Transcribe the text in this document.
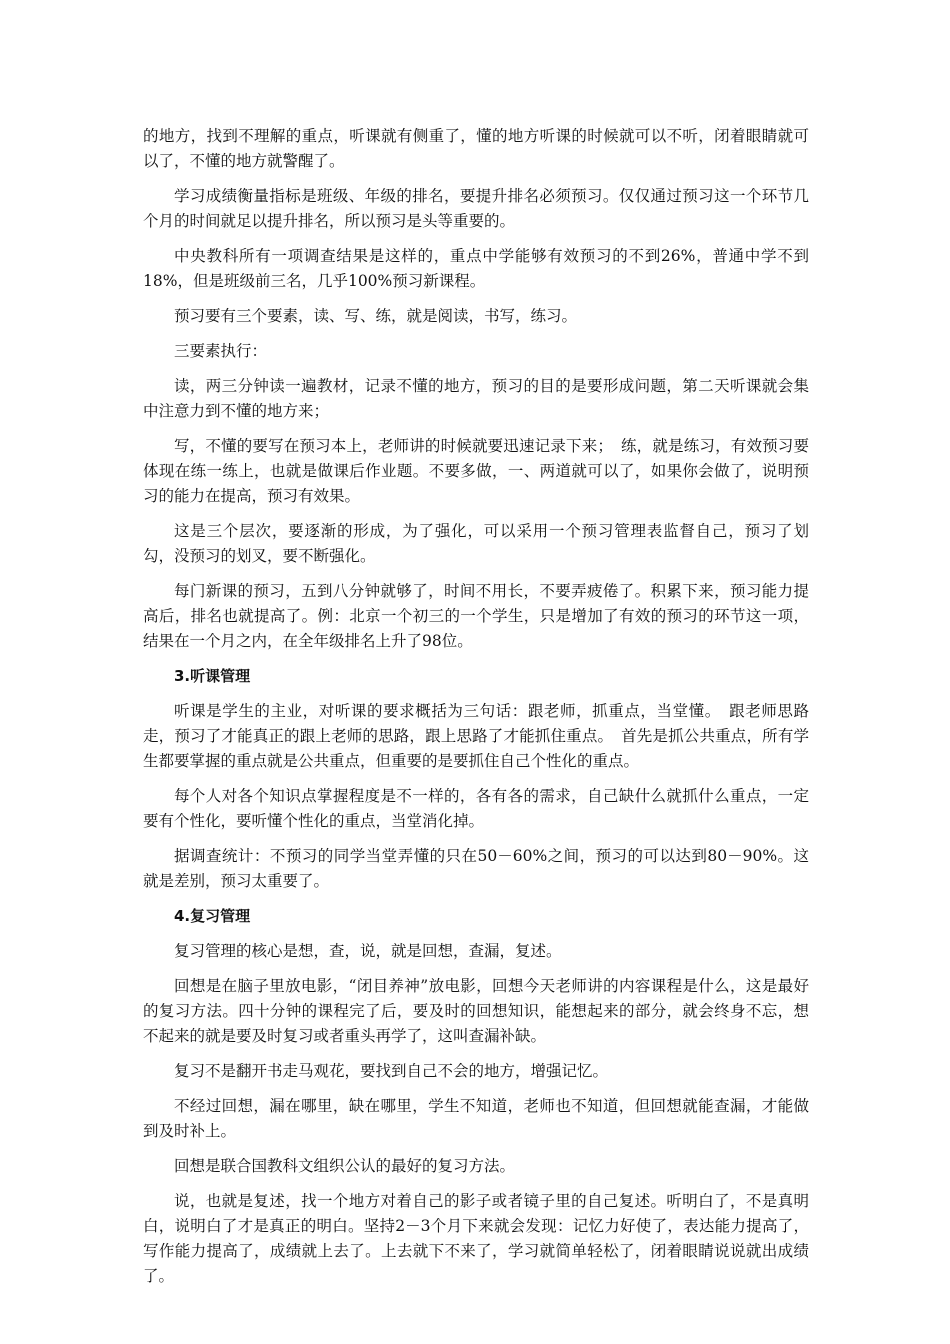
的地方，找到不理解的重点，听课就有侧重了，懂的地方听课的时候就可以不听，闭着眼睛就可以了，不懂的地方就警醒了。

学习成绩衡量指标是班级、年级的排名，要提升排名必须预习。仅仅通过预习这一个环节几个月的时间就足以提升排名，所以预习是头等重要的。

中央教科所有一项调查结果是这样的，重点中学能够有效预习的不到26%，普通中学不到18%，但是班级前三名，几乎100%预习新课程。

预习要有三个要素，读、写、练，就是阅读，书写，练习。

三要素执行：

读，两三分钟读一遍教材，记录不懂的地方，预习的目的是要形成问题，第二天听课就会集中注意力到不懂的地方来；

写，不懂的要写在预习本上，老师讲的时候就要迅速记录下来；　练，就是练习，有效预习要体现在练一练上，也就是做课后作业题。不要多做，一、两道就可以了，如果你会做了，说明预习的能力在提高，预习有效果。

这是三个层次，要逐渐的形成，为了强化，可以采用一个预习管理表监督自己，预习了划勾，没预习的划叉，要不断强化。

每门新课的预习，五到八分钟就够了，时间不用长，不要弄疲倦了。积累下来，预习能力提高后，排名也就提高了。例：北京一个初三的一个学生，只是增加了有效的预习的环节这一项，结果在一个月之内，在全年级排名上升了98位。

3.听课管理

听课是学生的主业，对听课的要求概括为三句话：跟老师，抓重点，当堂懂。　跟老师思路走，预习了才能真正的跟上老师的思路，跟上思路了才能抓住重点。　首先是抓公共重点，所有学生都要掌握的重点就是公共重点，但重要的是要抓住自己个性化的重点。

每个人对各个知识点掌握程度是不一样的，各有各的需求，自己缺什么就抓什么重点，一定要有个性化，要听懂个性化的重点，当堂消化掉。

据调查统计：不预习的同学当堂弄懂的只在50－60%之间，预习的可以达到80－90%。这就是差别，预习太重要了。

4.复习管理

复习管理的核心是想，查，说，就是回想，查漏，复述。

回想是在脑子里放电影，“闭目养神”放电影，回想今天老师讲的内容课程是什么，这是最好的复习方法。四十分钟的课程完了后，要及时的回想知识，能想起来的部分，就会终身不忘，想不起来的就是要及时复习或者重头再学了，这叫查漏补缺。

复习不是翻开书走马观花，要找到自己不会的地方，增强记忆。

不经过回想，漏在哪里，缺在哪里，学生不知道，老师也不知道，但回想就能查漏，才能做到及时补上。

回想是联合国教科文组织公认的最好的复习方法。

说，也就是复述，找一个地方对着自己的影子或者镜子里的自己复述。听明白了，不是真明白，说明白了才是真正的明白。坚持2－3个月下来就会发现：记忆力好使了，表达能力提高了，写作能力提高了，成绩就上去了。上去就下不来了，学习就简单轻松了，闭着眼睛说说就出成绩了。
